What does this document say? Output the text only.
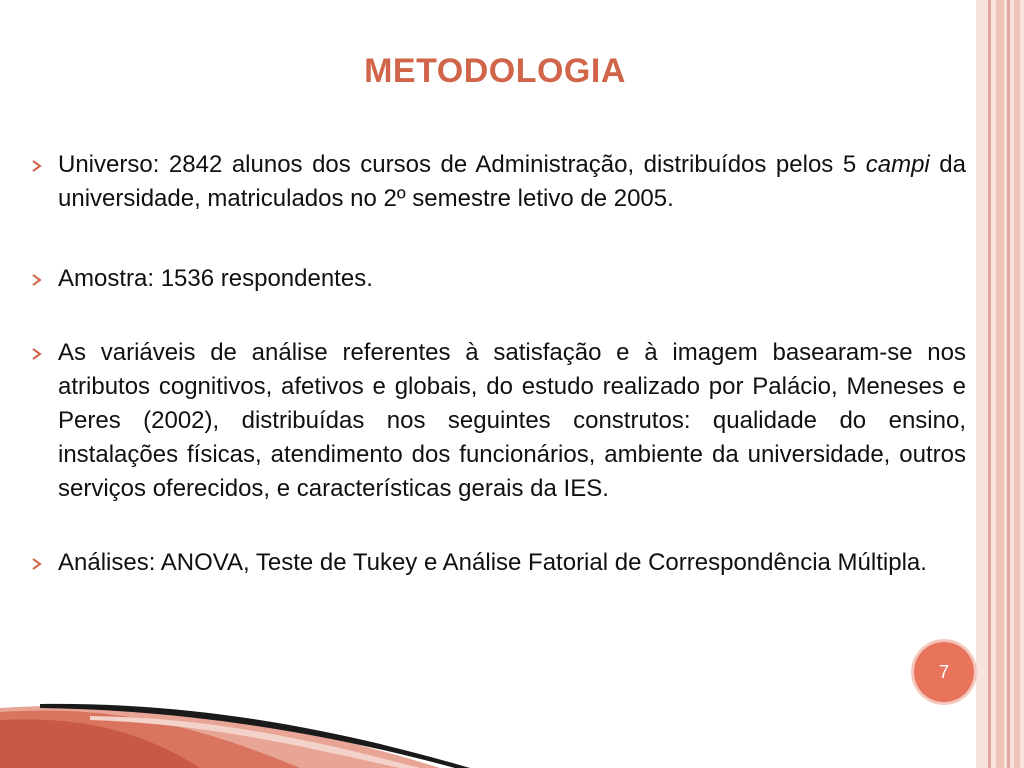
METODOLOGIA

Universo: 2842 alunos dos cursos de Administração, distribuídos pelos 5 campi da universidade, matriculados no 2º semestre letivo de 2005.

Amostra: 1536 respondentes.

As variáveis de análise referentes à satisfação e à imagem basearam-se nos atributos cognitivos, afetivos e globais, do estudo realizado por Palácio, Meneses e Peres (2002), distribuídas nos seguintes construtos: qualidade do ensino, instalações físicas, atendimento dos funcionários, ambiente da universidade, outros serviços oferecidos, e características gerais da IES.

Análises: ANOVA, Teste de Tukey e Análise Fatorial de Correspondência Múltipla.

7
